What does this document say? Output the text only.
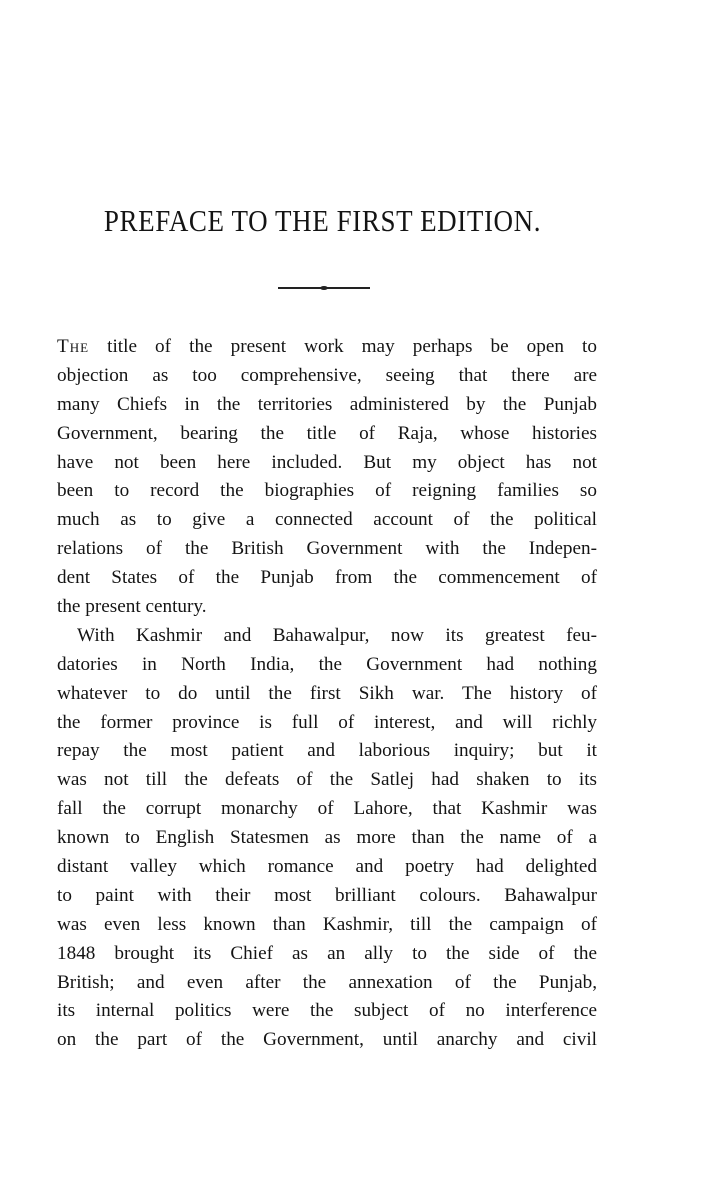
PREFACE TO THE FIRST EDITION.
The title of the present work may perhaps be open to
objection as too comprehensive, seeing that there are
many Chiefs in the territories administered by the Punjab
Government, bearing the title of Raja, whose histories
have not been here included. But my object has not
been to record the biographies of reigning families so
much as to give a connected account of the political
relations of the British Government with the Indepen-
dent States of the Punjab from the commencement of
the present century.
With Kashmir and Bahawalpur, now its greatest feu-
datories in North India, the Government had nothing
whatever to do until the first Sikh war. The history of
the former province is full of interest, and will richly
repay the most patient and laborious inquiry; but it
was not till the defeats of the Satlej had shaken to its
fall the corrupt monarchy of Lahore, that Kashmir was
known to English Statesmen as more than the name of a
distant valley which romance and poetry had delighted
to paint with their most brilliant colours. Bahawalpur
was even less known than Kashmir, till the campaign of
1848 brought its Chief as an ally to the side of the
British; and even after the annexation of the Punjab,
its internal politics were the subject of no interference
on the part of the Government, until anarchy and civil
